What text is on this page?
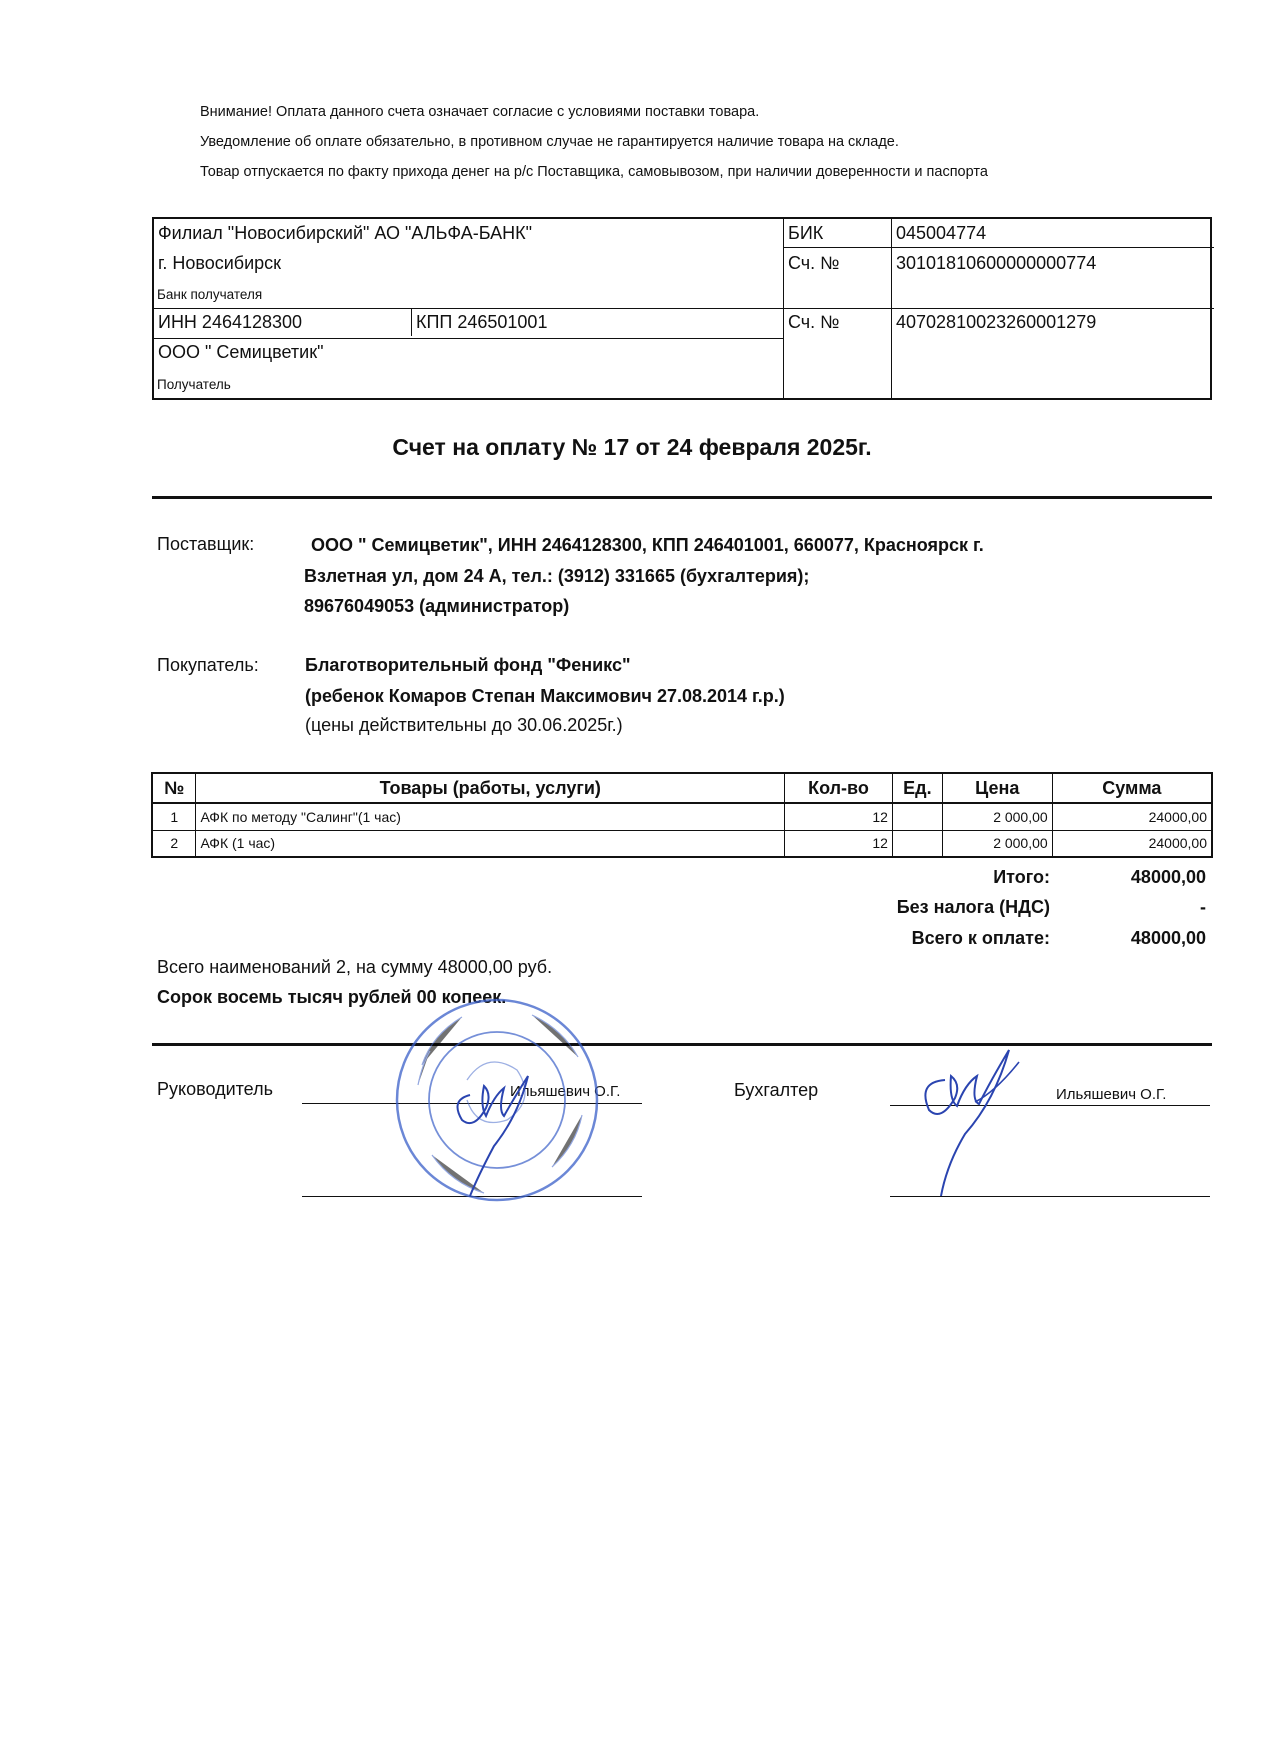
Внимание! Оплата данного счета означает согласие с условиями поставки товара.
Уведомление об оплате обязательно, в противном случае не гарантируется наличие товара на складе.
Товар отпускается по факту прихода денег на р/с Поставщика, самовывозом, при наличии доверенности и паспорта
Филиал "Новосибирский" АО "АЛЬФА-БАНК"
г. Новосибирск
Банк получателя
БИК	045004774
Сч. №	30101810600000000774
ИНН 2464128300	КПП 246501001	Сч. №	40702810023260001279
ООО " Семицветик"
Получатель
Счет на оплату № 17 от 24 февраля 2025г.
Поставщик:	ООО " Семицветик", ИНН 2464128300, КПП 246401001, 660077, Красноярск г.
Взлетная ул, дом 24 А, тел.: (3912) 331665 (бухгалтерия);
89676049053 (администратор)
Покупатель:	Благотворительный фонд "Феникс"
(ребенок Комаров Степан Максимович 27.08.2014 г.р.)
(цены действительны до 30.06.2025г.)
№	Товары (работы, услуги)	Кол-во	Ед.	Цена	Сумма
1	АФК по методу "Салинг"(1 час)	12		2 000,00	24000,00
2	АФК (1 час)	12		2 000,00	24000,00
Итого:	48000,00
Без налога (НДС)	-
Всего к оплате:	48000,00
Всего наименований 2, на сумму 48000,00 руб.
Сорок восемь тысяч рублей 00 копеек.
Руководитель	Ильяшевич О.Г.	Бухгалтер	Ильяшевич О.Г.
